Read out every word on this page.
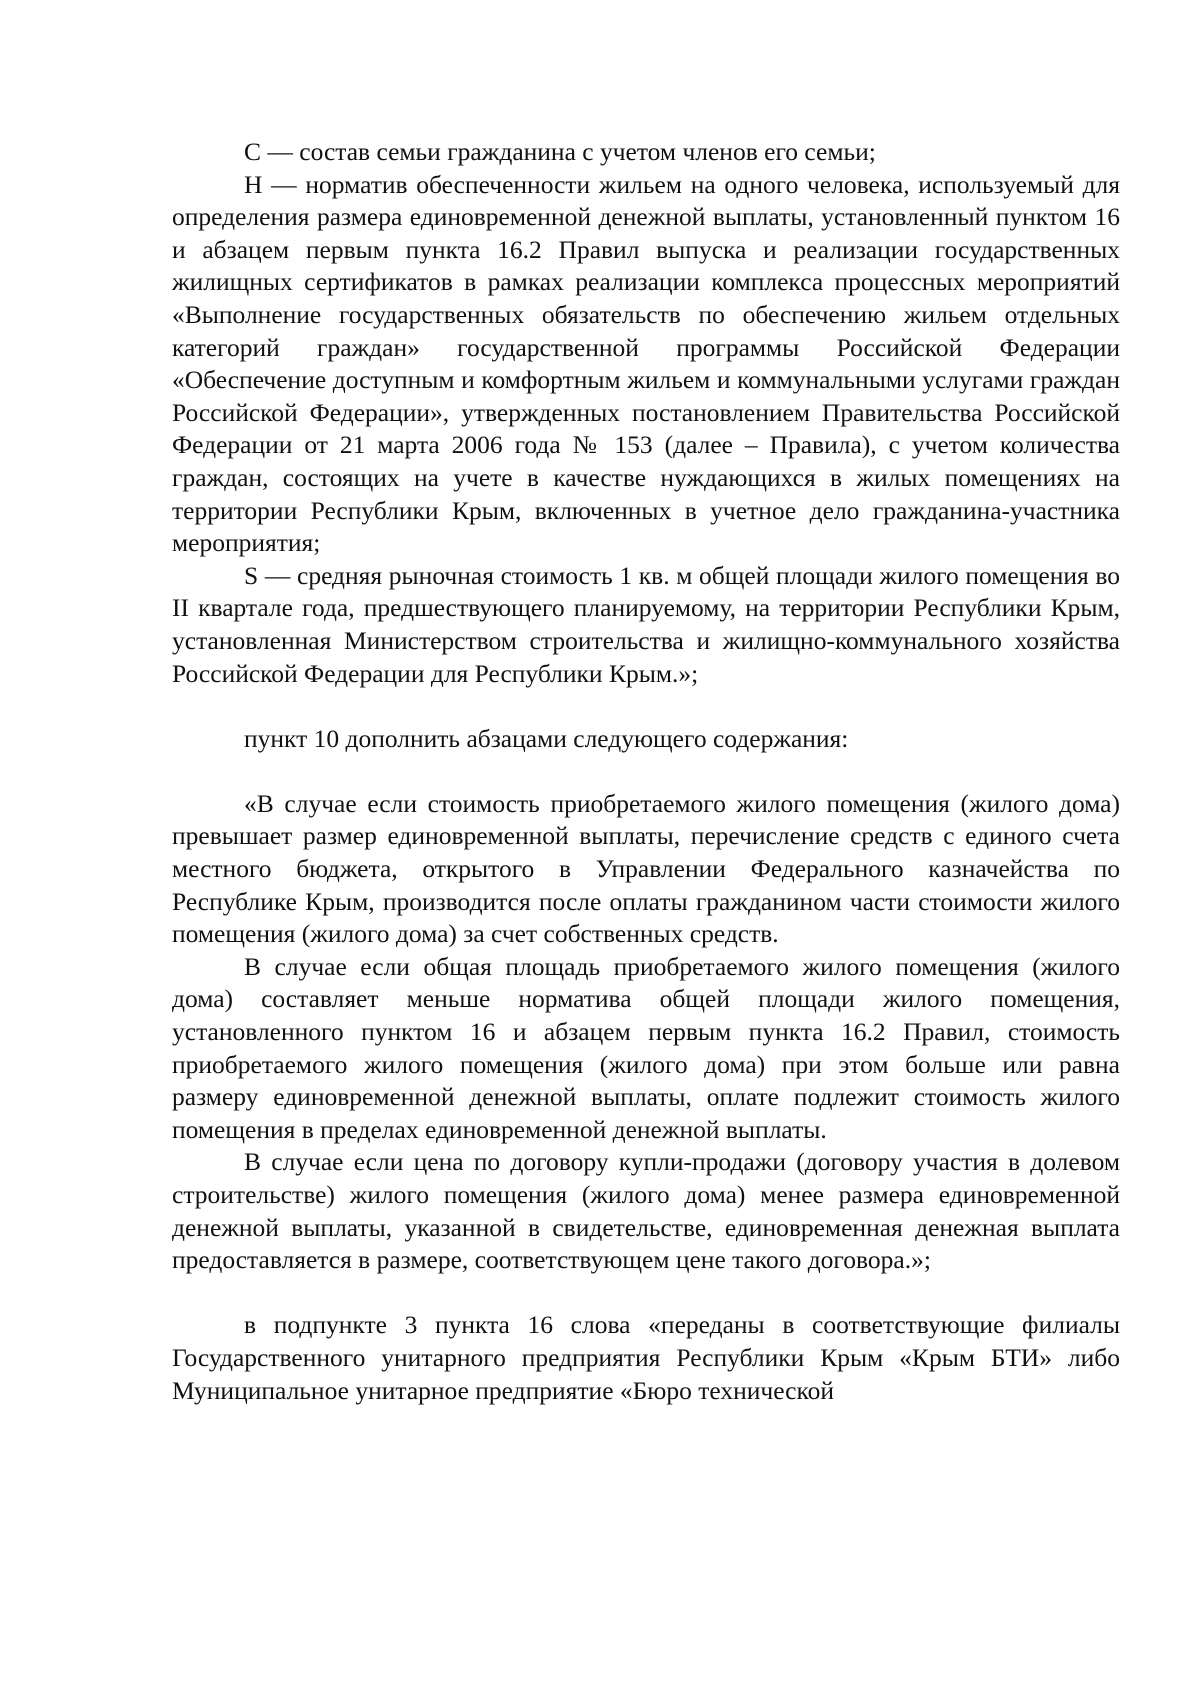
С — состав семьи гражданина с учетом членов его семьи;

Н — норматив обеспеченности жильем на одного человека, используемый для определения размера единовременной денежной выплаты, установленный пунктом 16 и абзацем первым пункта 16.2 Правил выпуска и реализации государственных жилищных сертификатов в рамках реализации комплекса процессных мероприятий «Выполнение государственных обязательств по обеспечению жильем отдельных категорий граждан» государственной программы Российской Федерации «Обеспечение доступным и комфортным жильем и коммунальными услугами граждан Российской Федерации», утвержденных постановлением Правительства Российской Федерации от 21 марта 2006 года № 153 (далее – Правила), с учетом количества граждан, состоящих на учете в качестве нуждающихся в жилых помещениях на территории Республики Крым, включенных в учетное дело гражданина-участника мероприятия;

S — средняя рыночная стоимость 1 кв. м общей площади жилого помещения во II квартале года, предшествующего планируемому, на территории Республики Крым, установленная Министерством строительства и жилищно-коммунального хозяйства Российской Федерации для Республики Крым.»;

пункт 10 дополнить абзацами следующего содержания:

«В случае если стоимость приобретаемого жилого помещения (жилого дома) превышает размер единовременной выплаты, перечисление средств с единого счета местного бюджета, открытого в Управлении Федерального казначейства по Республике Крым, производится после оплаты гражданином части стоимости жилого помещения (жилого дома) за счет собственных средств.

В случае если общая площадь приобретаемого жилого помещения (жилого дома) составляет меньше норматива общей площади жилого помещения, установленного пунктом 16 и абзацем первым пункта 16.2 Правил, стоимость приобретаемого жилого помещения (жилого дома) при этом больше или равна размеру единовременной денежной выплаты, оплате подлежит стоимость жилого помещения в пределах единовременной денежной выплаты.

В случае если цена по договору купли-продажи (договору участия в долевом строительстве) жилого помещения (жилого дома) менее размера единовременной денежной выплаты, указанной в свидетельстве, единовременная денежная выплата предоставляется в размере, соответствующем цене такого договора.»;

в подпункте 3 пункта 16 слова «переданы в соответствующие филиалы Государственного унитарного предприятия Республики Крым «Крым БТИ» либо Муниципальное унитарное предприятие «Бюро технической
